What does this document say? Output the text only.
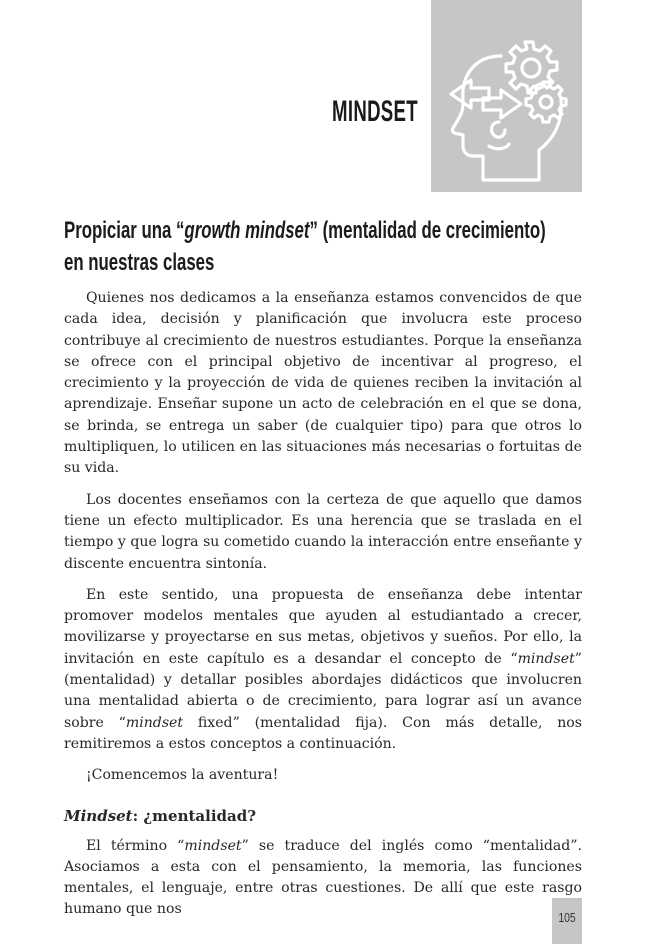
MINDSET
Propiciar una “growth mindset” (mentalidad de crecimiento)
en nuestras clases

Quienes nos dedicamos a la enseñanza estamos convencidos de que cada idea, decisión y planificación que involucra este proceso contribuye al crecimiento de nuestros estudiantes. Porque la enseñanza se ofrece con el principal objetivo de incentivar al progreso, el crecimiento y la proyección de vida de quienes reciben la invitación al aprendizaje. Enseñar supone un acto de celebración en el que se dona, se brinda, se entrega un saber (de cualquier tipo) para que otros lo multipliquen, lo utilicen en las situaciones más necesarias o fortuitas de su vida.

Los docentes enseñamos con la certeza de que aquello que damos tiene un efecto multiplicador. Es una herencia que se traslada en el tiempo y que logra su cometido cuando la interacción entre enseñante y discente encuentra sintonía.

En este sentido, una propuesta de enseñanza debe intentar promover modelos mentales que ayuden al estudiantado a crecer, movilizarse y proyectarse en sus metas, objetivos y sueños. Por ello, la invitación en este capítulo es a desandar el concepto de “mindset” (mentalidad) y detallar posibles abordajes didácticos que involucren una mentalidad abierta o de crecimiento, para lograr así un avance sobre “mindset fixed” (mentalidad fija). Con más detalle, nos remitiremos a estos conceptos a continuación.

¡Comencemos la aventura!

Mindset: ¿mentalidad?

El término “mindset” se traduce del inglés como “mentalidad”. Asociamos a esta con el pensamiento, la memoria, las funciones mentales, el lenguaje, entre otras cuestiones. De allí que este rasgo humano que nos

105
